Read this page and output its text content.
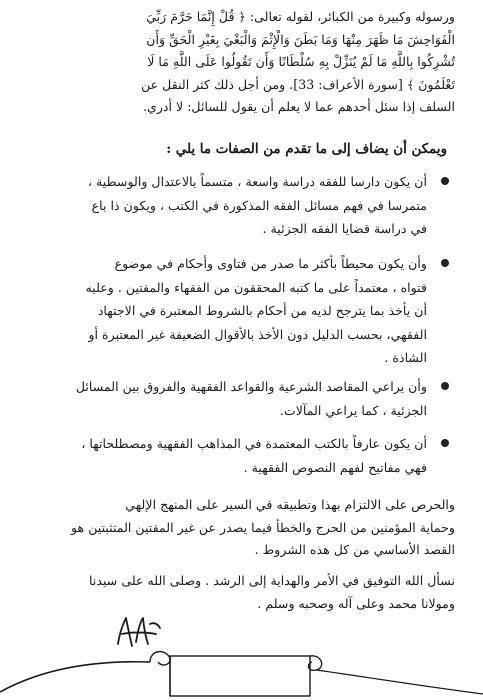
ورسوله وكبيرة من الكبائر، لقوله تعالى: ﴿ قُلْ إِنَّمَا حَرَّمَ رَبِّيَ
الْفَوَاحِشَ مَا ظَهَرَ مِنْهَا وَمَا بَطَنَ وَالْإِثْمَ وَالْبَغْيَ بِغَيْرِ الْحَقِّ وَأَن
تُشْرِكُوا بِاللَّهِ مَا لَمْ يُنَزِّلْ بِهِ سُلْطَانًا وَأَن تَقُولُوا عَلَى اللَّهِ مَا لَا
تَعْلَمُونَ ﴾ [سورة الأعراف: 33]. ومن أجل ذلك كثر النقل عن
السلف إذا سئل أحدهم عما لا يعلم أن يقول للسائل: لا أدري.
ويمكن أن يضاف إلى ما تقدم من الصفات ما يلي :
أن يكون دارسا للفقه دراسة واسعة ، متسماً بالاعتدال والوسطية ،
متمرسا في فهم مسائل الفقه المذكورة في الكتب ، ويكون ذا باع
في دراسة قضايا الفقه الجزئية .
وأن يكون محيطاً بأكثر ما صدر من فتاوى وأحكام في موضوع
فتواه ، معتمداً على ما كتبه المحققون من الفقهاء والمفتين . وعليه
أن يأخذ بما يترجح لديه من أحكام بالشروط المعتبرة في الاجتهاد
الفقهي، بحسب الدليل دون الأخذ بالأقوال الضعيفة غير المعتبرة أو
الشاذة .
وأن يراعي المقاصد الشرعية والقواعد الفقهية والفروق بين المسائل
الجزئية ، كما يراعي المآلات.
أن يكون عارفاً بالكتب المعتمدة في المذاهب الفقهية ومصطلحاتها ،
فهي مفاتيح لفهم النصوص الفقهية .
والحرص على الالتزام بهذا وتطبيقه في السير على المنهج الإلهي
وحماية المؤمنين من الحرج والخطأ فيما يصدر عن غير المفتين المتثبتين هو
القصد الأساسي من كل هذه الشروط .
نسأل الله التوفيق في الأمر والهداية إلى الرشد . وصلى الله على سيدنا
ومولانا محمد وعلى آله وصحبه وسلم .
